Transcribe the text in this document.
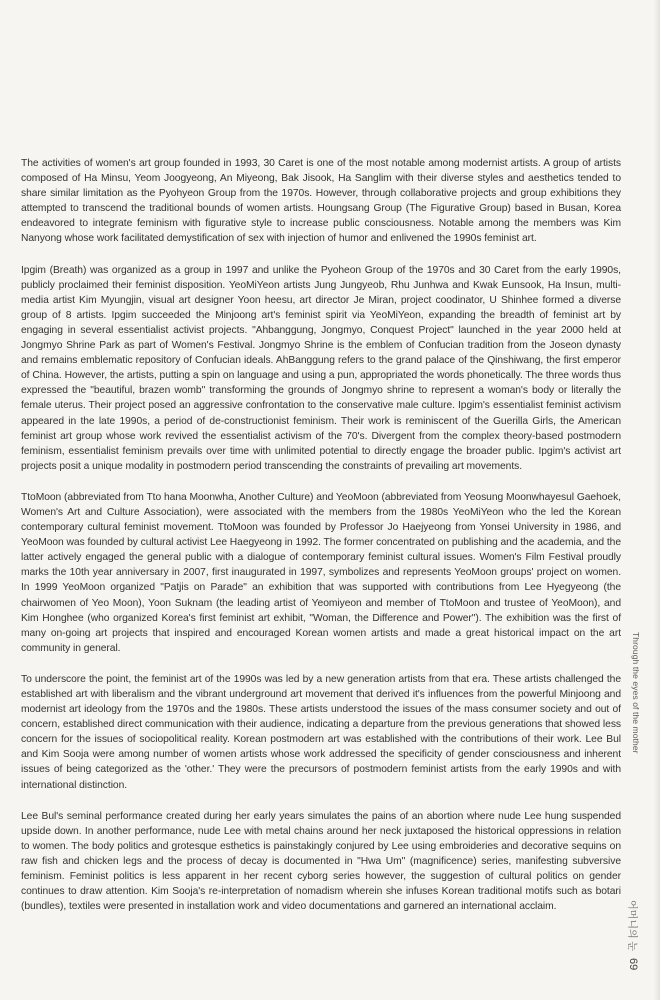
The activities of women's art group founded in 1993, 30 Caret is one of the most notable among modernist artists. A group of artists composed of Ha Minsu, Yeom Joogyeong, An Miyeong, Bak Jisook, Ha Sanglim with their diverse styles and aesthetics tended to share similar limitation as the Pyohyeon Group from the 1970s. However, through collaborative projects and group exhibitions they attempted to transcend the traditional bounds of women artists. Houngsang Group (The Figurative Group) based in Busan, Korea endeavored to integrate feminism with figurative style to increase public consciousness. Notable among the members was Kim Nanyong whose work facilitated demystification of sex with injection of humor and enlivened the 1990s feminist art.

Ipgim (Breath) was organized as a group in 1997 and unlike the Pyoheon Group of the 1970s and 30 Caret from the early 1990s, publicly proclaimed their feminist disposition. YeoMiYeon artists Jung Jungyeob, Rhu Junhwa and Kwak Eunsook, Ha Insun, multi-media artist Kim Myungjin, visual art designer Yoon heesu, art director Je Miran, project coodinator, U Shinhee formed a diverse group of 8 artists. Ipgim succeeded the Minjoong art's feminist spirit via YeoMiYeon, expanding the breadth of feminist art by engaging in several essentialist activist projects. "Ahbanggung, Jongmyo, Conquest Project" launched in the year 2000 held at Jongmyo Shrine Park as part of Women's Festival. Jongmyo Shrine is the emblem of Confucian tradition from the Joseon dynasty and remains emblematic repository of Confucian ideals. AhBanggung refers to the grand palace of the Qinshiwang, the first emperor of China. However, the artists, putting a spin on language and using a pun, appropriated the words phonetically. The three words thus expressed the "beautiful, brazen womb" transforming the grounds of Jongmyo shrine to represent a woman's body or literally the female uterus. Their project posed an aggressive confrontation to the conservative male culture. Ipgim's essentialist feminist activism appeared in the late 1990s, a period of de-constructionist feminism. Their work is reminiscent of the Guerilla Girls, the American feminist art group whose work revived the essentialist activism of the 70's. Divergent from the complex theory-based postmodern feminism, essentialist feminism prevails over time with unlimited potential to directly engage the broader public. Ipgim's activist art projects posit a unique modality in postmodern period transcending the constraints of prevailing art movements.

TtoMoon (abbreviated from Tto hana Moonwha, Another Culture) and YeoMoon (abbreviated from Yeosung Moonwhayesul Gaehoek, Women's Art and Culture Association), were associated with the members from the 1980s YeoMiYeon who the led the Korean contemporary cultural feminist movement. TtoMoon was founded by Professor Jo Haejyeong from Yonsei University in 1986, and YeoMoon was founded by cultural activist Lee Haegyeong in 1992. The former concentrated on publishing and the academia, and the latter actively engaged the general public with a dialogue of contemporary feminist cultural issues. Women's Film Festival proudly marks the 10th year anniversary in 2007, first inaugurated in 1997, symbolizes and represents YeoMoon groups' project on women. In 1999 YeoMoon organized "Patjis on Parade" an exhibition that was supported with contributions from Lee Hyegyeong (the chairwomen of Yeo Moon), Yoon Suknam (the leading artist of Yeomiyeon and member of TtoMoon and trustee of YeoMoon), and Kim Honghee (who organized Korea's first feminist art exhibit, "Woman, the Difference and Power"). The exhibition was the first of many on-going art projects that inspired and encouraged Korean women artists and made a great historical impact on the art community in general.

To underscore the point, the feminist art of the 1990s was led by a new generation artists from that era. These artists challenged the established art with liberalism and the vibrant underground art movement that derived it's influences from the powerful Minjoong and modernist art ideology from the 1970s and the 1980s. These artists understood the issues of the mass consumer society and out of concern, established direct communication with their audience, indicating a departure from the previous generations that showed less concern for the issues of sociopolitical reality. Korean postmodern art was established with the contributions of their work. Lee Bul and Kim Sooja were among number of women artists whose work addressed the specificity of gender consciousness and inherent issues of being categorized as the 'other.' They were the precursors of postmodern feminist artists from the early 1990s and with international distinction.

Lee Bul's seminal performance created during her early years simulates the pains of an abortion where nude Lee hung suspended upside down. In another performance, nude Lee with metal chains around her neck juxtaposed the historical oppressions in relation to women. The body politics and grotesque esthetics is painstakingly conjured by Lee using embroideries and decorative sequins on raw fish and chicken legs and the process of decay is documented in "Hwa Um" (magnificence) series, manifesting subversive feminism. Feminist politics is less apparent in her recent cyborg series however, the suggestion of cultural politics on gender continues to draw attention. Kim Sooja's re-interpretation of nomadism wherein she infuses Korean traditional motifs such as botari (bundles), textiles were presented in installation work and video documentations and garnered an international acclaim.

Through the eyes of the mother
어머니의 눈
69
